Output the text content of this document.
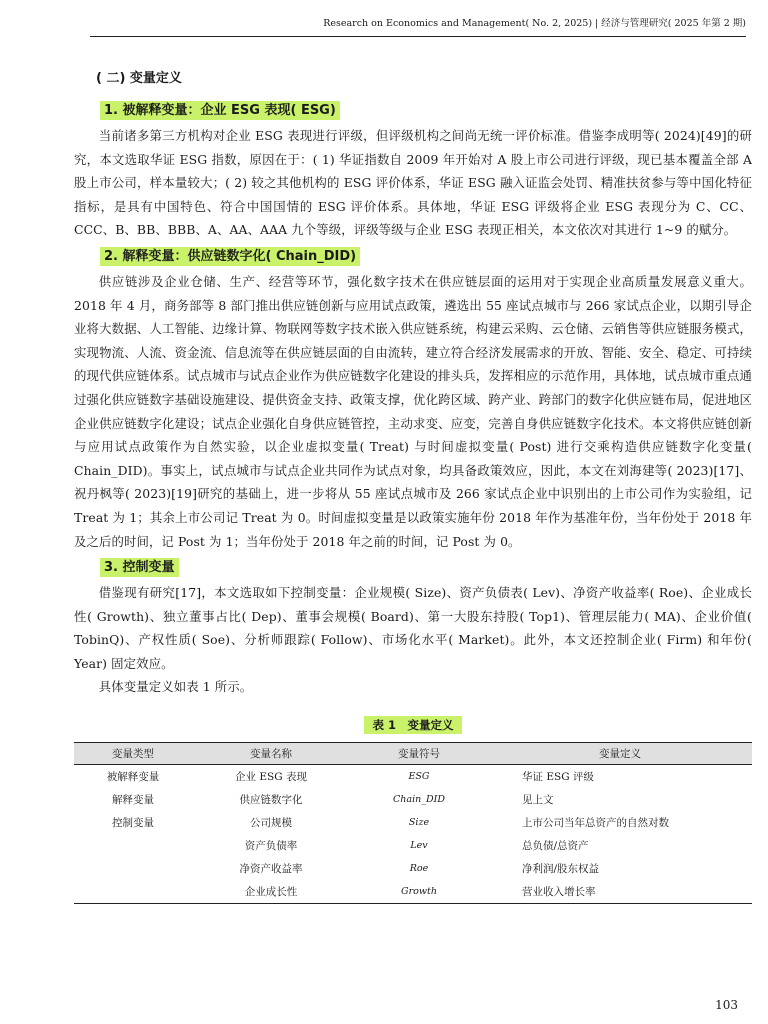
Research on Economics and Management( No. 2, 2025) | 经济与管理研究( 2025 年第 2 期)
( 二) 变量定义
1. 被解释变量：企业 ESG 表现( ESG)

当前诸多第三方机构对企业 ESG 表现进行评级，但评级机构之间尚无统一评价标准。借鉴李成明等( 2024)[49]的研究，本文选取华证 ESG 指数，原因在于：( 1) 华证指数自 2009 年开始对 A 股上市公司进行评级，现已基本覆盖全部 A 股上市公司，样本量较大；( 2) 较之其他机构的 ESG 评价体系，华证 ESG 融入证监会处罚、精准扶贫参与等中国化特征指标，是具有中国特色、符合中国国情的 ESG 评价体系。具体地，华证 ESG 评级将企业 ESG 表现分为 C、CC、CCC、B、BB、BBB、A、AA、AAA 九个等级，评级等级与企业 ESG 表现正相关，本文依次对其进行 1~9 的赋分。

2. 解释变量：供应链数字化( Chain_DID)

供应链涉及企业仓储、生产、经营等环节，强化数字技术在供应链层面的运用对于实现企业高质量发展意义重大。2018 年 4 月，商务部等 8 部门推出供应链创新与应用试点政策，遴选出 55 座试点城市与 266 家试点企业，以期引导企业将大数据、人工智能、边缘计算、物联网等数字技术嵌入供应链系统，构建云采购、云仓储、云销售等供应链服务模式，实现物流、人流、资金流、信息流等在供应链层面的自由流转，建立符合经济发展需求的开放、智能、安全、稳定、可持续的现代供应链体系。试点城市与试点企业作为供应链数字化建设的排头兵，发挥相应的示范作用，具体地，试点城市重点通过强化供应链数字基础设施建设、提供资金支持、政策支撑，优化跨区域、跨产业、跨部门的数字化供应链布局，促进地区企业供应链数字化建设；试点企业强化自身供应链管控，主动求变、应变，完善自身供应链数字化技术。本文将供应链创新与应用试点政策作为自然实验，以企业虚拟变量( Treat) 与时间虚拟变量( Post) 进行交乘构造供应链数字化变量( Chain_DID)。事实上，试点城市与试点企业共同作为试点对象，均具备政策效应，因此，本文在刘海建等( 2023)[17]、祝丹枫等( 2023)[19]研究的基础上，进一步将从 55 座试点城市及 266 家试点企业中识别出的上市公司作为实验组，记 Treat 为 1；其余上市公司记 Treat 为 0。时间虚拟变量是以政策实施年份 2018 年作为基准年份，当年份处于 2018 年及之后的时间，记 Post 为 1；当年份处于 2018 年之前的时间，记 Post 为 0。

3. 控制变量

借鉴现有研究[17]，本文选取如下控制变量：企业规模( Size)、资产负债表( Lev)、净资产收益率( Roe)、企业成长性( Growth)、独立董事占比( Dep)、董事会规模( Board)、第一大股东持股( Top1)、管理层能力( MA)、企业价值( TobinQ)、产权性质( Soe)、分析师跟踪( Follow)、市场化水平( Market)。此外，本文还控制企业( Firm) 和年份( Year) 固定效应。

具体变量定义如表 1 所示。

表 1　变量定义
变量类型	变量名称	变量符号	变量定义
被解释变量	企业 ESG 表现	ESG	华证 ESG 评级
解释变量	供应链数字化	Chain_DID	见上文
控制变量	公司规模	Size	上市公司当年总资产的自然对数
	资产负债率	Lev	总负债/总资产
	净资产收益率	Roe	净利润/股东权益
	企业成长性	Growth	营业收入增长率
103
